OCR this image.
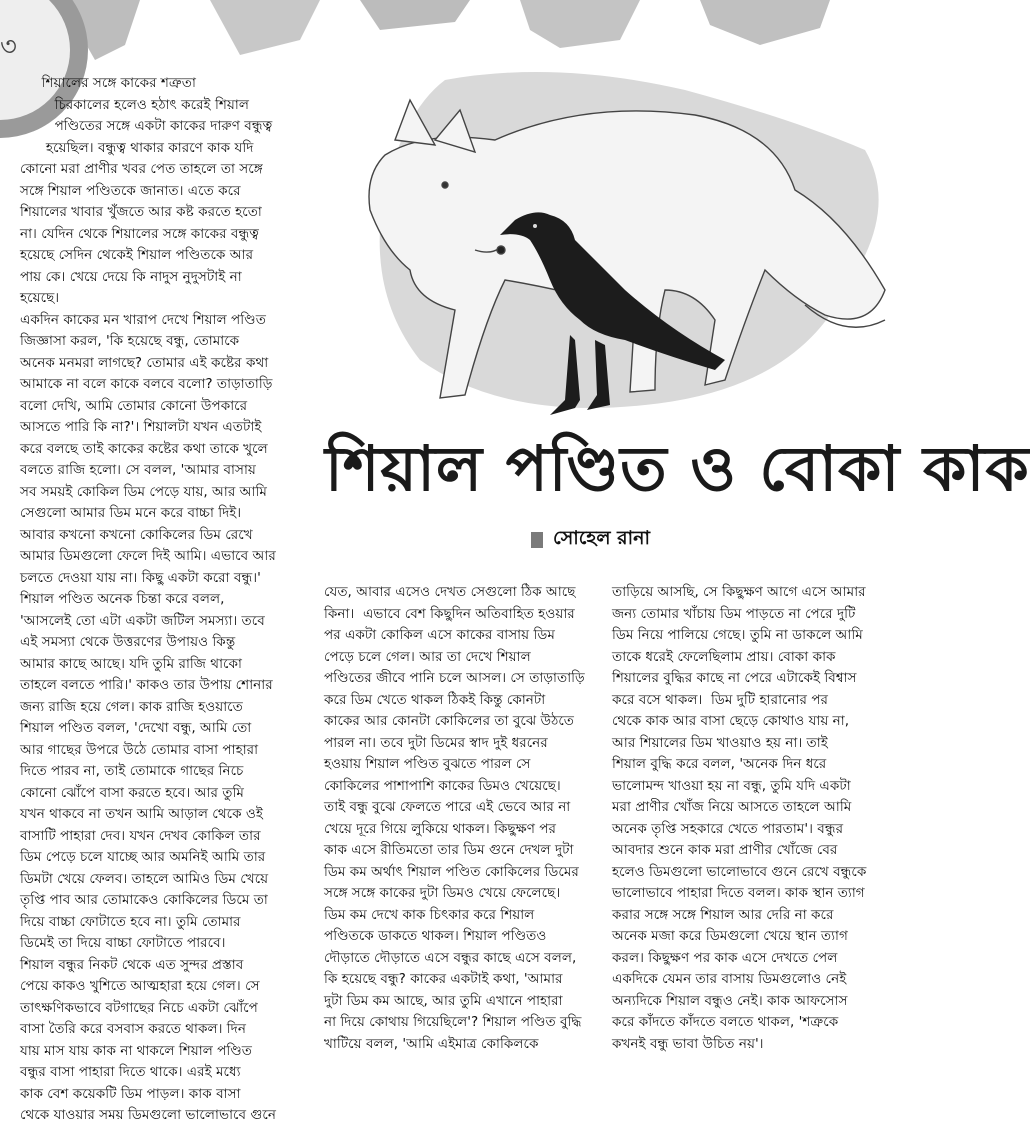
৩
শিয়াল পণ্ডিত ও বোকা কাক
সোহেল রানা
শিয়ালের সঙ্গে কাকের শত্রুতা
চিরকালের হলেও হঠাৎ করেই শিয়াল
পণ্ডিতের সঙ্গে একটা কাকের দারুণ বন্ধুত্ব
হয়েছিল। বন্ধুত্ব থাকার কারণে কাক যদি
কোনো মরা প্রাণীর খবর পেত তাহলে তা সঙ্গে
সঙ্গে শিয়াল পণ্ডিতকে জানাত। এতে করে
শিয়ালের খাবার খুঁজতে আর কষ্ট করতে হতো
না। যেদিন থেকে শিয়ালের সঙ্গে কাকের বন্ধুত্ব
হয়েছে সেদিন থেকেই শিয়াল পণ্ডিতকে আর
পায় কে। খেয়ে দেয়ে কি নাদুস নুদুসটাই না
হয়েছে।
একদিন কাকের মন খারাপ দেখে শিয়াল পণ্ডিত
জিজ্ঞাসা করল, 'কি হয়েছে বন্ধু, তোমাকে
অনেক মনমরা লাগছে? তোমার এই কষ্টের কথা
আমাকে না বলে কাকে বলবে বলো? তাড়াতাড়ি
বলো দেখি, আমি তোমার কোনো উপকারে
আসতে পারি কি না?'। শিয়ালটা যখন এতটাই
করে বলছে তাই কাকের কষ্টের কথা তাকে খুলে
বলতে রাজি হলো। সে বলল, 'আমার বাসায়
সব সময়ই কোকিল ডিম পেড়ে যায়, আর আমি
সেগুলো আমার ডিম মনে করে বাচ্চা দিই।
আবার কখনো কখনো কোকিলের ডিম রেখে
আমার ডিমগুলো ফেলে দিই আমি। এভাবে আর
চলতে দেওয়া যায় না। কিছু একটা করো বন্ধু।'
শিয়াল পণ্ডিত অনেক চিন্তা করে বলল,
'আসলেই তো এটা একটা জটিল সমস্যা। তবে
এই সমস্যা থেকে উত্তরণের উপায়ও কিন্তু
আমার কাছে আছে। যদি তুমি রাজি থাকো
তাহলে বলতে পারি।' কাকও তার উপায় শোনার
জন্য রাজি হয়ে গেল। কাক রাজি হওয়াতে
শিয়াল পণ্ডিত বলল, 'দেখো বন্ধু, আমি তো
আর গাছের উপরে উঠে তোমার বাসা পাহারা
দিতে পারব না, তাই তোমাকে গাছের নিচে
কোনো ঝোঁপে বাসা করতে হবে। আর তুমি
যখন থাকবে না তখন আমি আড়াল থেকে ওই
বাসাটি পাহারা দেব। যখন দেখব কোকিল তার
ডিম পেড়ে চলে যাচ্ছে আর অমনিই আমি তার
ডিমটা খেয়ে ফেলব। তাহলে আমিও ডিম খেয়ে
তৃপ্তি পাব আর তোমাকেও কোকিলের ডিমে তা
দিয়ে বাচ্চা ফোটাতে হবে না। তুমি তোমার
ডিমেই তা দিয়ে বাচ্চা ফোটাতে পারবে।
শিয়াল বন্ধুর নিকট থেকে এত সুন্দর প্রস্তাব
পেয়ে কাকও খুশিতে আত্মহারা হয়ে গেল। সে
তাৎক্ষণিকভাবে বটগাছের নিচে একটা ঝোঁপে
বাসা তৈরি করে বসবাস করতে থাকল। দিন
যায় মাস যায় কাক না থাকলে শিয়াল পণ্ডিত
বন্ধুর বাসা পাহারা দিতে থাকে। এরই মধ্যে
কাক বেশ কয়েকটি ডিম পাড়ল। কাক বাসা
থেকে যাওয়ার সময় ডিমগুলো ভালোভাবে গুনে
যেত, আবার এসেও দেখত সেগুলো ঠিক আছে
কিনা।  এভাবে বেশ কিছুদিন অতিবাহিত হওয়ার
পর একটা কোকিল এসে কাকের বাসায় ডিম
পেড়ে চলে গেল। আর তা দেখে শিয়াল
পণ্ডিতের জীবে পানি চলে আসল। সে তাড়াতাড়ি
করে ডিম খেতে থাকল ঠিকই কিন্তু কোনটা
কাকের আর কোনটা কোকিলের তা বুঝে উঠতে
পারল না। তবে দুটা ডিমের স্বাদ দুই ধরনের
হওয়ায় শিয়াল পণ্ডিত বুঝতে পারল সে
কোকিলের পাশাপাশি কাকের ডিমও খেয়েছে।
তাই বন্ধু বুঝে ফেলতে পারে এই ভেবে আর না
খেয়ে দূরে গিয়ে লুকিয়ে থাকল। কিছুক্ষণ পর
কাক এসে রীতিমতো তার ডিম গুনে দেখল দুটা
ডিম কম অর্থাৎ শিয়াল পণ্ডিত কোকিলের ডিমের
সঙ্গে সঙ্গে কাকের দুটা ডিমও খেয়ে ফেলেছে।
ডিম কম দেখে কাক চিৎকার করে শিয়াল
পণ্ডিতকে ডাকতে থাকল। শিয়াল পণ্ডিতও
দৌড়াতে দৌড়াতে এসে বন্ধুর কাছে এসে বলল,
কি হয়েছে বন্ধু? কাকের একটাই কথা, 'আমার
দুটা ডিম কম আছে, আর তুমি এখানে পাহারা
না দিয়ে কোথায় গিয়েছিলে'? শিয়াল পণ্ডিত বুদ্ধি
খাটিয়ে বলল, 'আমি এইমাত্র কোকিলকে
তাড়িয়ে আসছি, সে কিছুক্ষণ আগে এসে আমার
জন্য তোমার খাঁচায় ডিম পাড়তে না পেরে দুটি
ডিম নিয়ে পালিয়ে গেছে। তুমি না ডাকলে আমি
তাকে ধরেই ফেলেছিলাম প্রায়। বোকা কাক
শিয়ালের বুদ্ধির কাছে না পেরে এটাকেই বিশ্বাস
করে বসে থাকল।  ডিম দুটি হারানোর পর
থেকে কাক আর বাসা ছেড়ে কোথাও যায় না,
আর শিয়ালের ডিম খাওয়াও হয় না। তাই
শিয়াল বুদ্ধি করে বলল, 'অনেক দিন ধরে
ভালোমন্দ খাওয়া হয় না বন্ধু, তুমি যদি একটা
মরা প্রাণীর খোঁজ নিয়ে আসতে তাহলে আমি
অনেক তৃপ্তি সহকারে খেতে পারতাম'। বন্ধুর
আবদার শুনে কাক মরা প্রাণীর খোঁজে বের
হলেও ডিমগুলো ভালোভাবে গুনে রেখে বন্ধুকে
ভালোভাবে পাহারা দিতে বলল। কাক স্থান ত্যাগ
করার সঙ্গে সঙ্গে শিয়াল আর দেরি না করে
অনেক মজা করে ডিমগুলো খেয়ে স্থান ত্যাগ
করল। কিছুক্ষণ পর কাক এসে দেখতে পেল
একদিকে যেমন তার বাসায় ডিমগুলোও নেই
অন্যদিকে শিয়াল বন্ধুও নেই। কাক আফসোস
করে কাঁদতে কাঁদতে বলতে থাকল, 'শত্রুকে
কখনই বন্ধু ভাবা উচিত নয়'।
